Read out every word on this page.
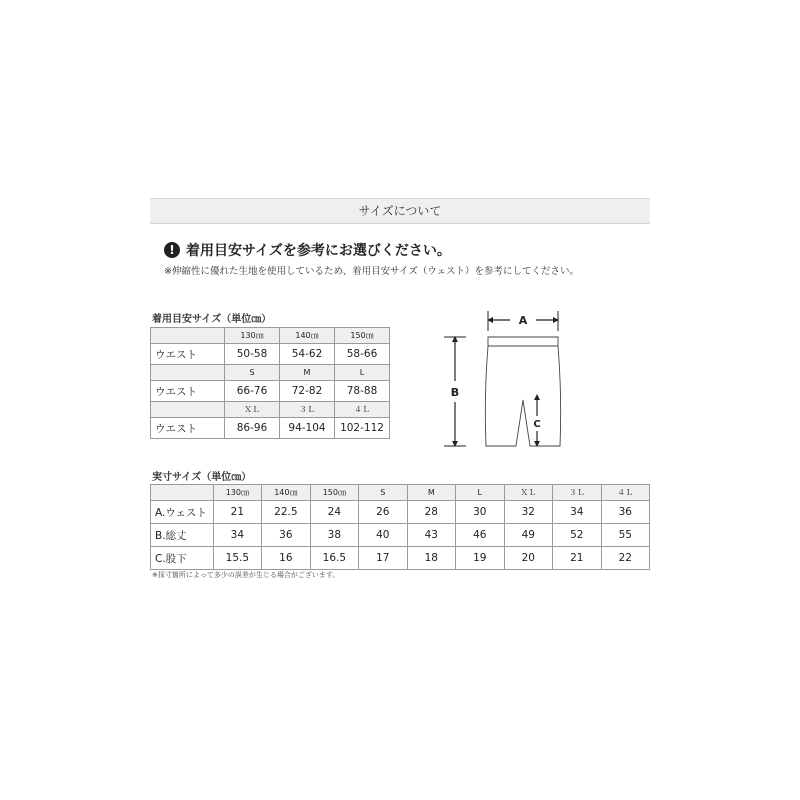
サイズについて
! 着用目安サイズを参考にお選びください。
※伸縮性に優れた生地を使用しているため、着用目安サイズ（ウェスト）を参考にしてください。
着用目安サイズ（単位㎝）
	130㎝	140㎝	150㎝
ウエスト	50-58	54-62	58-66
	S	M	L
ウエスト	66-76	72-82	78-88
	ＸＬ	３Ｌ	４Ｌ
ウエスト	86-96	94-104	102-112
A
B
C
実寸サイズ（単位㎝）
	130㎝	140㎝	150㎝	S	M	L	ＸＬ	３Ｌ	４Ｌ
A.ウェスト	21	22.5	24	26	28	30	32	34	36
B.総丈	34	36	38	40	43	46	49	52	55
C.股下	15.5	16	16.5	17	18	19	20	21	22
※採寸箇所によって多少の誤差が生じる場合がございます。
